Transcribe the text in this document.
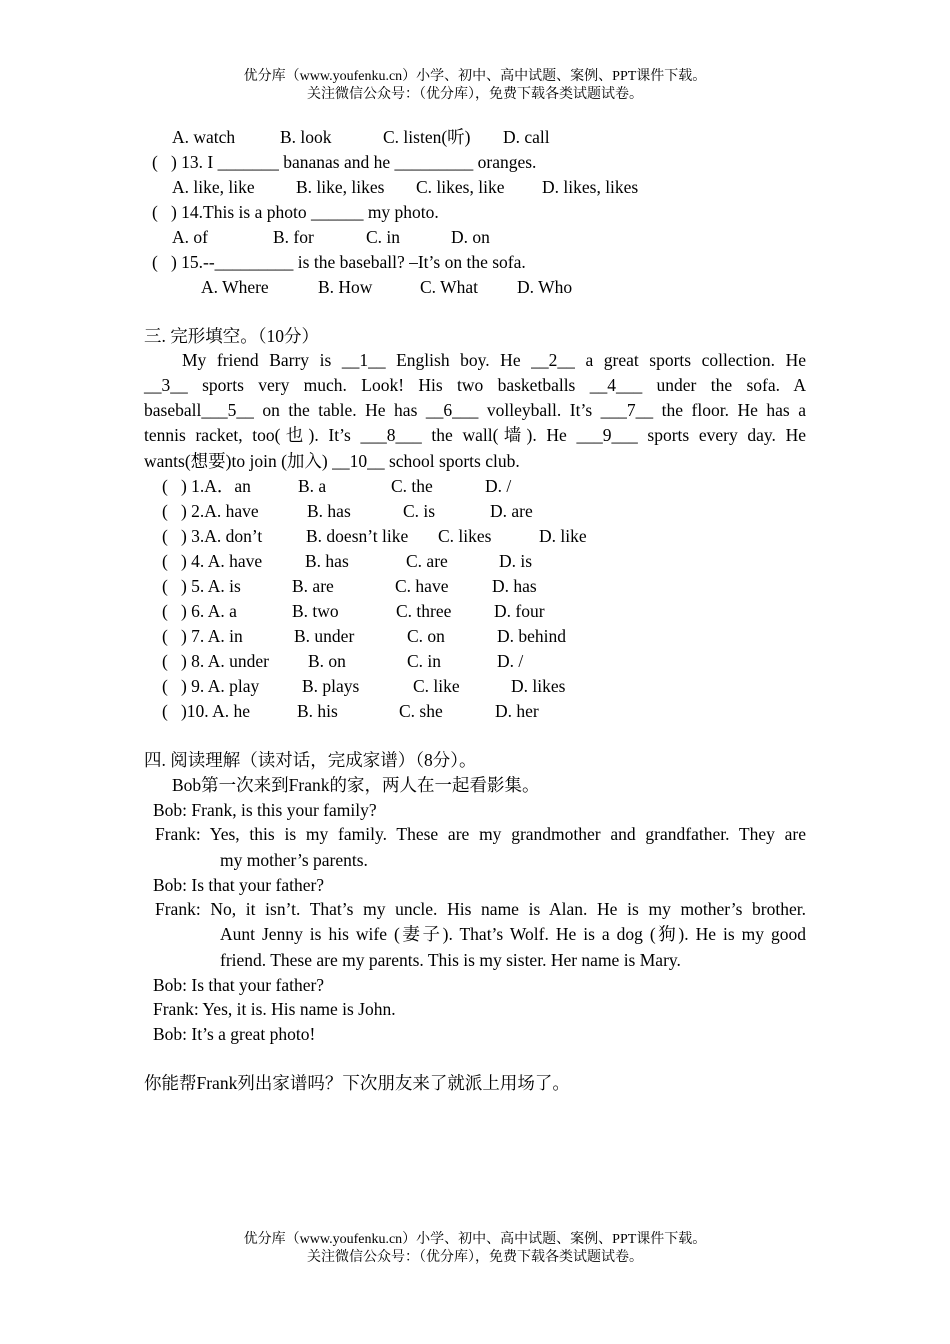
优分库（www.youfenku.cn）小学、初中、高中试题、案例、PPT课件下载。
关注微信公众号：（优分库），免费下载各类试题试卷。
A. watch	B. look	C. listen(听) D. call
(   ) 13. I _______ bananas and he _________ oranges.
A. like, like B. like, likes C. likes, like D. likes, likes
(   ) 14.This is a photo ______ my photo.
A. of	B. for	C. in	D. on
(   ) 15.--_________ is the baseball? –It’s on the sofa.
A. Where	B. How	C. What D. Who
三. 完形填空。（10分）
My friend Barry is __1__ English boy. He __2__ a great sports collection. He
__3__ sports very much. Look! His two basketballs __4___ under the sofa. A
baseball___5__ on the table. He has __6___ volleyball. It’s ___7__ the floor. He has a
tennis racket, too(也). It’s ___8___ the wall(墙). He ___9___ sports every day. He
wants(想要)to join (加入) __10__ school sports club.
(   ) 1.A．an	B. a	C. the	D. /
(   ) 2.A. have	B. has	C. is	D. are
(   ) 3.A. don’t B. doesn’t like C. likes	D. like
(   ) 4. A. have B. has	C. are	D. is
(   ) 5. A. is	B. are	C. have D. has
(   ) 6. A. a	B. two	C. three D. four
(   ) 7. A. in	B. under	C. on	D. behind
(   ) 8. A. under B. on	C. in	D. /
(   ) 9. A. play B. plays	C. like	D. likes
(   )10. A. he	B. his	C. she	D. her
四. 阅读理解（读对话，完成家谱）（8分）。
Bob第一次来到Frank的家，两人在一起看影集。
Bob: Frank, is this your family?
Frank: Yes, this is my family. These are my grandmother and grandfather. They are
my mother’s parents.
Bob: Is that your father?
Frank: No, it isn’t. That’s my uncle. His name is Alan. He is my mother’s brother.
Aunt Jenny is his wife (妻子). That’s Wolf. He is a dog (狗). He is my good
friend. These are my parents. This is my sister. Her name is Mary.
Bob: Is that your father?
Frank: Yes, it is. His name is John.
Bob: It’s a great photo!
你能帮Frank列出家谱吗？下次朋友来了就派上用场了。
优分库（www.youfenku.cn）小学、初中、高中试题、案例、PPT课件下载。
关注微信公众号：（优分库），免费下载各类试题试卷。
